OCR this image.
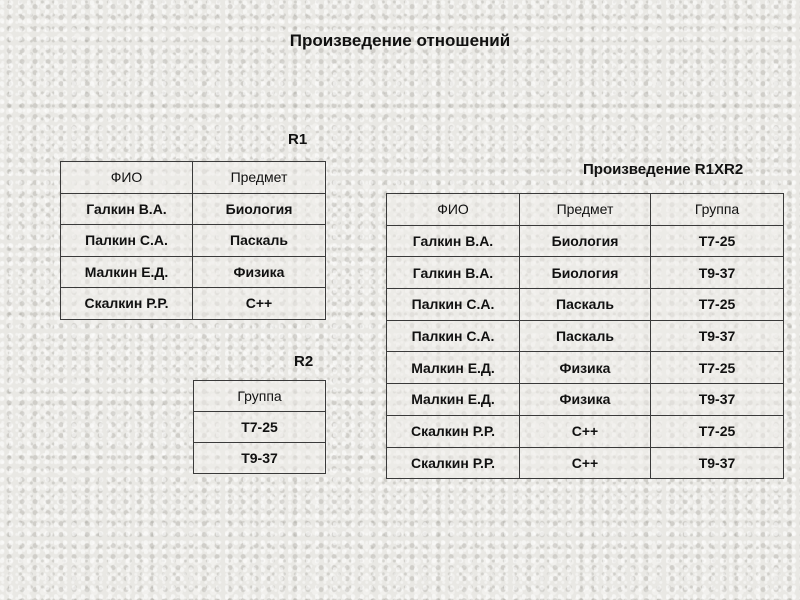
Произведение отношений
R1
ФИО	Предмет
Галкин В.А.	Биология
Палкин С.А.	Паскаль
Малкин Е.Д.	Физика
Скалкин Р.Р.	С++
R2
Группа
Т7-25
Т9-37
Произведение R1XR2
ФИО	Предмет	Группа
Галкин В.А.	Биология	Т7-25
Галкин В.А.	Биология	Т9-37
Палкин С.А.	Паскаль	Т7-25
Палкин С.А.	Паскаль	Т9-37
Малкин Е.Д.	Физика	Т7-25
Малкин Е.Д.	Физика	Т9-37
Скалкин Р.Р.	С++	Т7-25
Скалкин Р.Р.	С++	Т9-37
